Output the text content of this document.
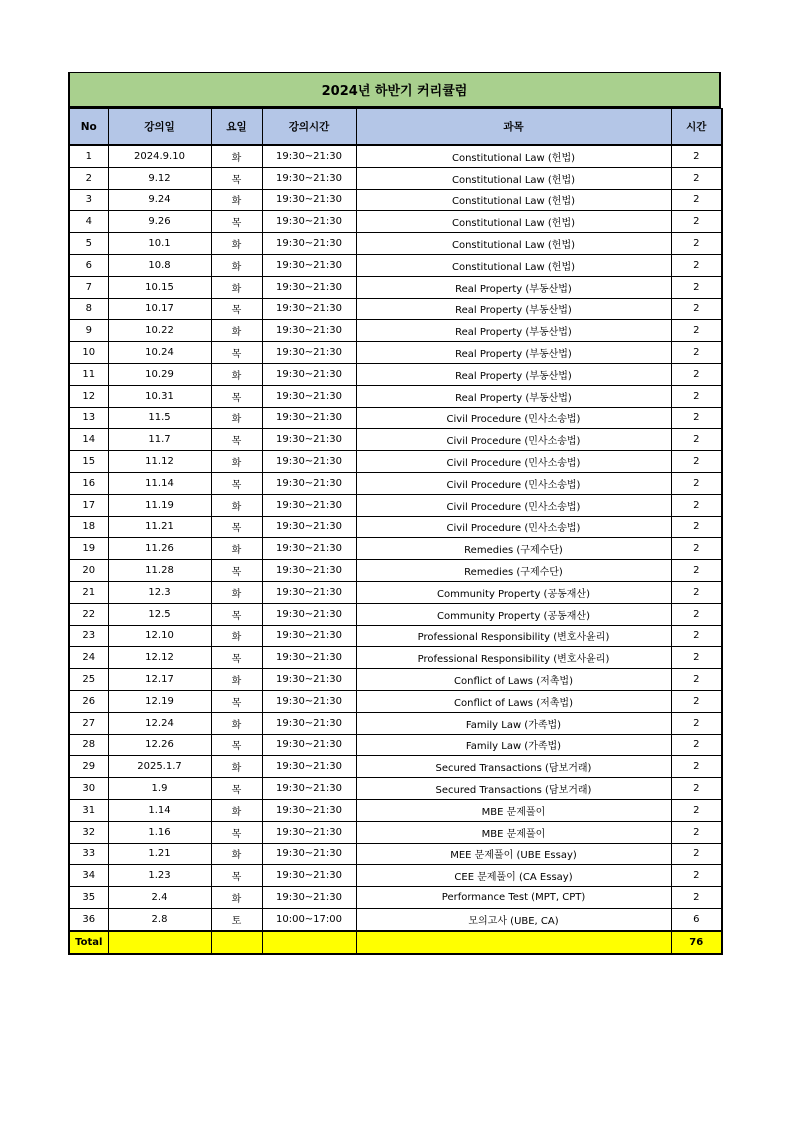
2024년 하반기 커리큘럼
No	강의일	요일	강의시간	과목	시간
1	2024.9.10	화	19:30~21:30	Constitutional Law (헌법)	2
2	9.12	목	19:30~21:30	Constitutional Law (헌법)	2
3	9.24	화	19:30~21:30	Constitutional Law (헌법)	2
4	9.26	목	19:30~21:30	Constitutional Law (헌법)	2
5	10.1	화	19:30~21:30	Constitutional Law (헌법)	2
6	10.8	화	19:30~21:30	Constitutional Law (헌법)	2
7	10.15	화	19:30~21:30	Real Property (부동산법)	2
8	10.17	목	19:30~21:30	Real Property (부동산법)	2
9	10.22	화	19:30~21:30	Real Property (부동산법)	2
10	10.24	목	19:30~21:30	Real Property (부동산법)	2
11	10.29	화	19:30~21:30	Real Property (부동산법)	2
12	10.31	목	19:30~21:30	Real Property (부동산법)	2
13	11.5	화	19:30~21:30	Civil Procedure (민사소송법)	2
14	11.7	목	19:30~21:30	Civil Procedure (민사소송법)	2
15	11.12	화	19:30~21:30	Civil Procedure (민사소송법)	2
16	11.14	목	19:30~21:30	Civil Procedure (민사소송법)	2
17	11.19	화	19:30~21:30	Civil Procedure (민사소송법)	2
18	11.21	목	19:30~21:30	Civil Procedure (민사소송법)	2
19	11.26	화	19:30~21:30	Remedies (구제수단)	2
20	11.28	목	19:30~21:30	Remedies (구제수단)	2
21	12.3	화	19:30~21:30	Community Property (공동재산)	2
22	12.5	목	19:30~21:30	Community Property (공동재산)	2
23	12.10	화	19:30~21:30	Professional Responsibility (변호사윤리)	2
24	12.12	목	19:30~21:30	Professional Responsibility (변호사윤리)	2
25	12.17	화	19:30~21:30	Conflict of Laws (저촉법)	2
26	12.19	목	19:30~21:30	Conflict of Laws (저촉법)	2
27	12.24	화	19:30~21:30	Family Law (가족법)	2
28	12.26	목	19:30~21:30	Family Law (가족법)	2
29	2025.1.7	화	19:30~21:30	Secured Transactions (담보거래)	2
30	1.9	목	19:30~21:30	Secured Transactions (담보거래)	2
31	1.14	화	19:30~21:30	MBE 문제풀이	2
32	1.16	목	19:30~21:30	MBE 문제풀이	2
33	1.21	화	19:30~21:30	MEE 문제풀이 (UBE Essay)	2
34	1.23	목	19:30~21:30	CEE 문제풀이 (CA Essay)	2
35	2.4	화	19:30~21:30	Performance Test (MPT, CPT)	2
36	2.8	토	10:00~17:00	모의고사 (UBE, CA)	6
Total					76
